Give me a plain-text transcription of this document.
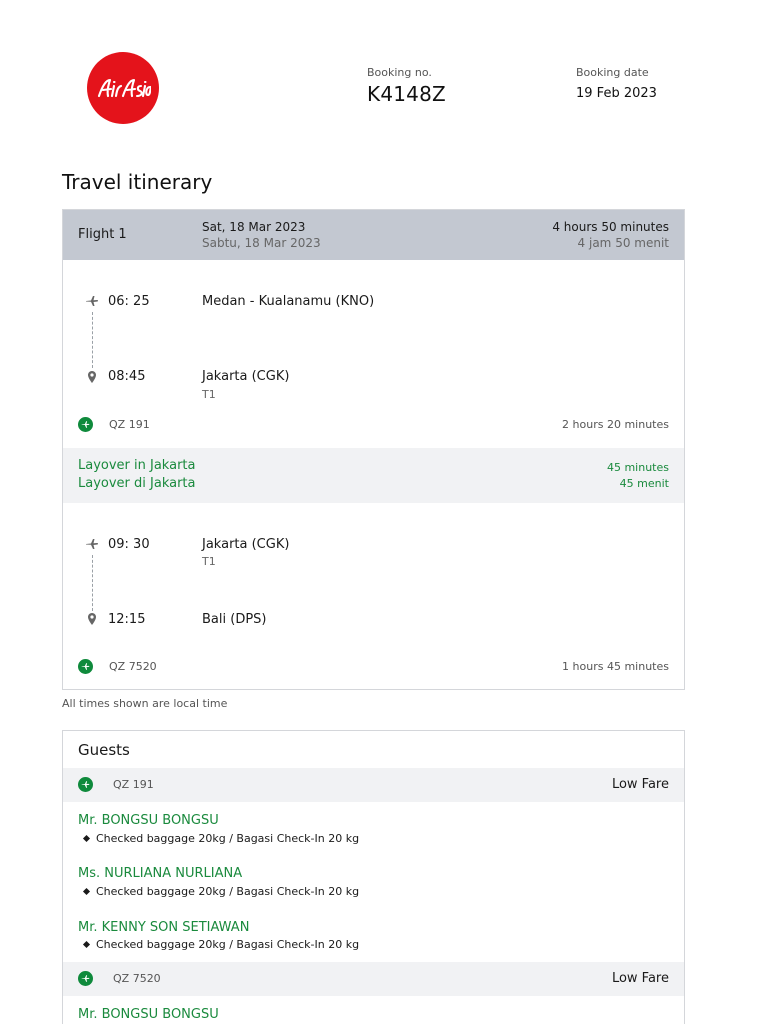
Booking no.
K4148Z
Booking date
19 Feb 2023
Travel itinerary
Flight 1	Sat, 18 Mar 2023
Sabtu, 18 Mar 2023
4 hours 50 minutes
4 jam 50 menit
06: 25	Medan - Kualanamu (KNO)
08:45	Jakarta (CGK)
T1
QZ 191	2 hours 20 minutes
Layover in Jakarta
Layover di Jakarta
45 minutes
45 menit
09: 30	Jakarta (CGK)
T1
12:15	Bali (DPS)
QZ 7520	1 hours 45 minutes
All times shown are local time
Guests
QZ 191	Low Fare
Mr. BONGSU BONGSU
Checked baggage 20kg / Bagasi Check-In 20 kg
Ms. NURLIANA NURLIANA
Checked baggage 20kg / Bagasi Check-In 20 kg
Mr. KENNY SON SETIAWAN
Checked baggage 20kg / Bagasi Check-In 20 kg
QZ 7520	Low Fare
Mr. BONGSU BONGSU
